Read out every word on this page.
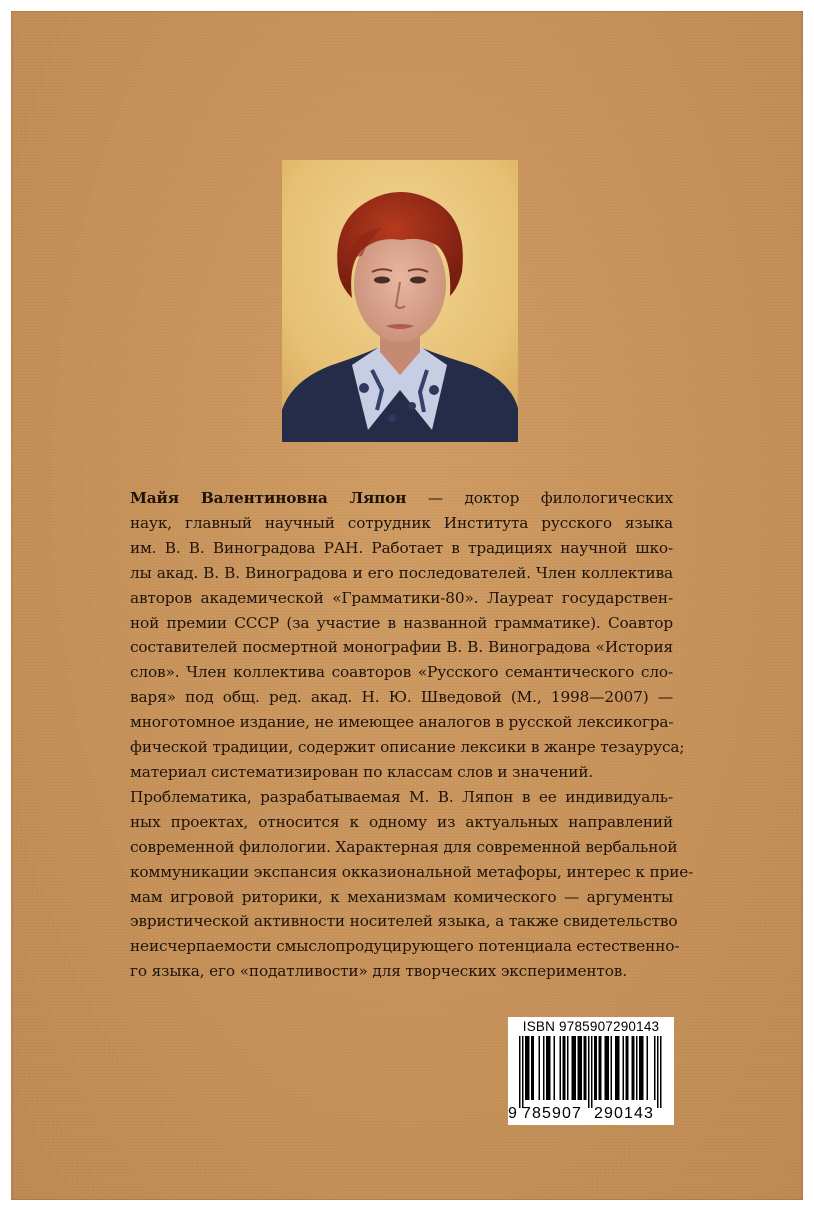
Майя Валентиновна Ляпон — доктор филологических
наук, главный научный сотрудник Института русского языка
им. В. В. Виноградова РАН. Работает в традициях научной шко-
лы акад. В. В. Виноградова и его последователей. Член коллектива
авторов академической «Грамматики-80». Лауреат государствен-
ной премии СССР (за участие в названной грамматике). Соавтор
составителей посмертной монографии В. В. Виноградова «История
слов». Член коллектива соавторов «Русского семантического сло-
варя» под общ. ред. акад. Н. Ю. Шведовой (М., 1998—2007) —
многотомное издание, не имеющее аналогов в русской лексикогра-
фической традиции, содержит описание лексики в жанре тезауруса;
материал систематизирован по классам слов и значений.
Проблематика, разрабатываемая М. В. Ляпон в ее индивидуаль-
ных проектах, относится к одному из актуальных направлений
современной филологии. Характерная для современной вербальной
коммуникации экспансия окказиональной метафоры, интерес к прие-
мам игровой риторики, к механизмам комического — аргументы
эвристической активности носителей языка, а также свидетельство
неисчерпаемости смыслопродуцирующего потенциала естественно-
го языка, его «податливости» для творческих экспериментов.
ISBN 9785907290143
9 7 8 5 9 0 7 2 9 0 1 4 3
